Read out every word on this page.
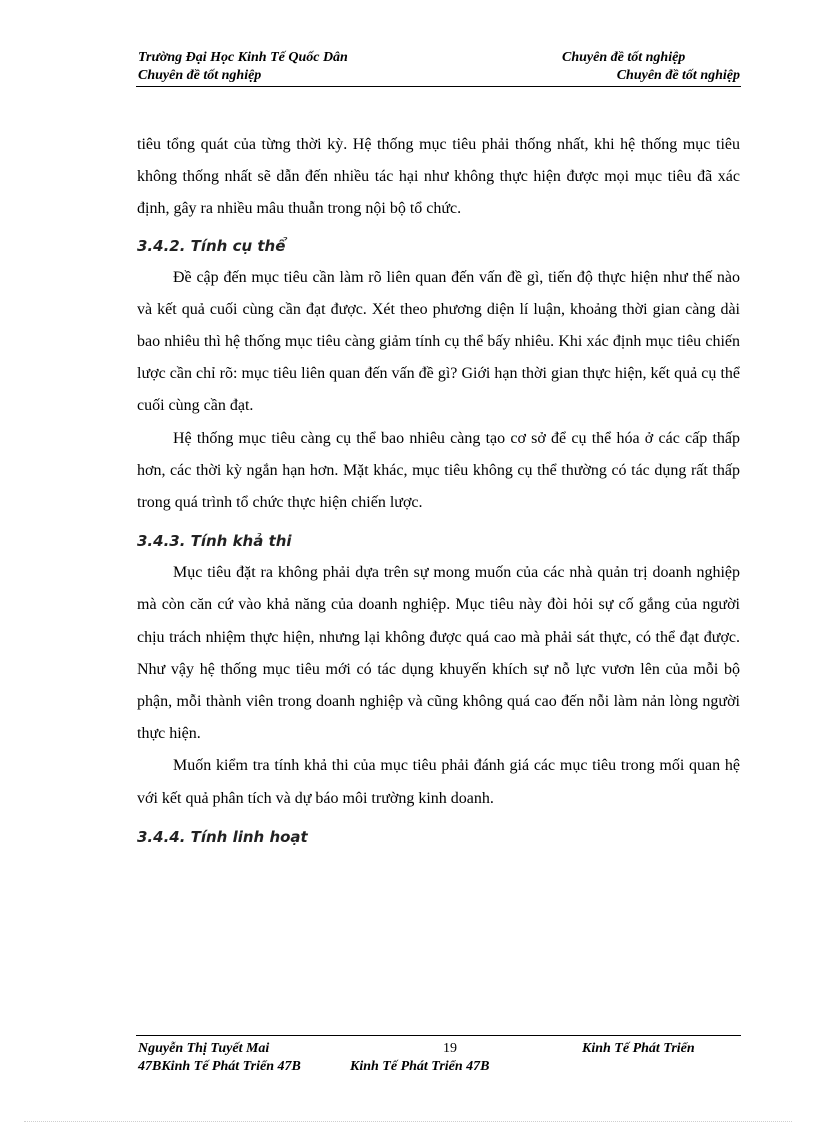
Trường Đại Học Kinh Tế Quốc Dân	Chuyên đề tốt nghiệp
Chuyên đề tốt nghiệp	Chuyên đề tốt nghiệp

tiêu tổng quát của từng thời kỳ. Hệ thống mục tiêu phải thống nhất, khi hệ thống mục tiêu không thống nhất sẽ dẫn đến nhiều tác hại như không thực hiện được mọi mục tiêu đã xác định, gây ra nhiều mâu thuẫn trong nội bộ tổ chức.

3.4.2. Tính cụ thể

Đề cập đến mục tiêu cần làm rõ liên quan đến vấn đề gì, tiến độ thực hiện như thế nào và kết quả cuối cùng cần đạt được. Xét theo phương diện lí luận, khoảng thời gian càng dài bao nhiêu thì hệ thống mục tiêu càng giảm tính cụ thể bấy nhiêu. Khi xác định mục tiêu chiến lược cần chỉ rõ: mục tiêu liên quan đến vấn đề gì? Giới hạn thời gian thực hiện, kết quả cụ thể cuối cùng cần đạt.

Hệ thống mục tiêu càng cụ thể bao nhiêu càng tạo cơ sở để cụ thể hóa ở các cấp thấp hơn, các thời kỳ ngắn hạn hơn. Mặt khác, mục tiêu không cụ thể thường có tác dụng rất thấp trong quá trình tổ chức thực hiện chiến lược.

3.4.3. Tính khả thi

Mục tiêu đặt ra không phải dựa trên sự mong muốn của các nhà quản trị doanh nghiệp mà còn căn cứ vào khả năng của doanh nghiệp. Mục tiêu này đòi hỏi sự cố gắng của người chịu trách nhiệm thực hiện, nhưng lại không được quá cao mà phải sát thực, có thể đạt được. Như vậy hệ thống mục tiêu mới có tác dụng khuyến khích sự nỗ lực vươn lên của mỗi bộ phận, mỗi thành viên trong doanh nghiệp và cũng không quá cao đến nỗi làm nản lòng người thực hiện.

Muốn kiểm tra tính khả thi của mục tiêu phải đánh giá các mục tiêu trong mối quan hệ với kết quả phân tích và dự báo môi trường kinh doanh.

3.4.4. Tính linh hoạt
Nguyễn Thị Tuyết Mai	19	Kinh Tế Phát Triển
47BKinh Tế Phát Triển 47B	Kinh Tế Phát Triển 47B
